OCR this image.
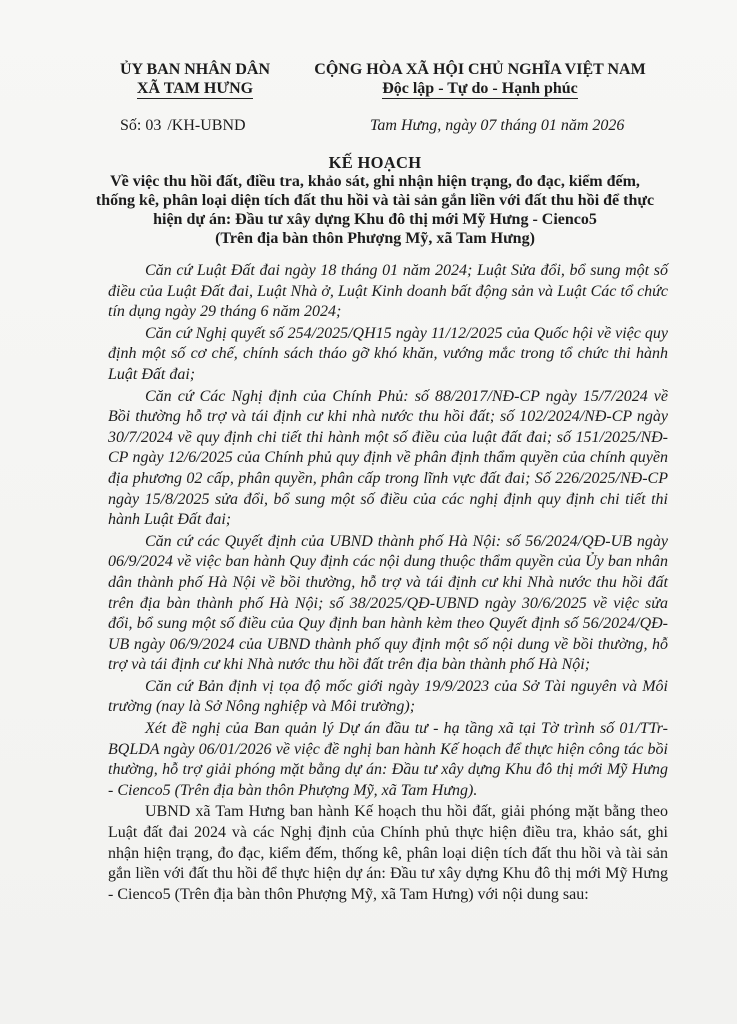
ỦY BAN NHÂN DÂN
XÃ TAM HƯNG
CỘNG HÒA XÃ HỘI CHỦ NGHĨA VIỆT NAM
Độc lập - Tự do - Hạnh phúc
Số: 03 /KH-UBND	Tam Hưng, ngày 07 tháng 01 năm 2026
KẾ HOẠCH
Về việc thu hồi đất, điều tra, khảo sát, ghi nhận hiện trạng, đo đạc, kiểm đếm, thống kê, phân loại diện tích đất thu hồi và tài sản gắn liền với đất thu hồi để thực hiện dự án: Đầu tư xây dựng Khu đô thị mới Mỹ Hưng - Cienco5
(Trên địa bàn thôn Phượng Mỹ, xã Tam Hưng)

Căn cứ Luật Đất đai ngày 18 tháng 01 năm 2024; Luật Sửa đổi, bổ sung một số điều của Luật Đất đai, Luật Nhà ở, Luật Kinh doanh bất động sản và Luật Các tổ chức tín dụng ngày 29 tháng 6 năm 2024;

Căn cứ Nghị quyết số 254/2025/QH15 ngày 11/12/2025 của Quốc hội về việc quy định một số cơ chế, chính sách tháo gỡ khó khăn, vướng mắc trong tổ chức thi hành Luật Đất đai;

Căn cứ Các Nghị định của Chính Phủ: số 88/2017/NĐ-CP ngày 15/7/2024 về Bồi thường hỗ trợ và tái định cư khi nhà nước thu hồi đất; số 102/2024/NĐ-CP ngày 30/7/2024 về quy định chi tiết thi hành một số điều của luật đất đai; số 151/2025/NĐ-CP ngày 12/6/2025 của Chính phủ quy định về phân định thẩm quyền của chính quyền địa phương 02 cấp, phân quyền, phân cấp trong lĩnh vực đất đai; Số 226/2025/NĐ-CP ngày 15/8/2025 sửa đổi, bổ sung một số điều của các nghị định quy định chi tiết thi hành Luật Đất đai;

Căn cứ các Quyết định của UBND thành phố Hà Nội: số 56/2024/QĐ-UB ngày 06/9/2024 về việc ban hành Quy định các nội dung thuộc thẩm quyền của Ủy ban nhân dân thành phố Hà Nội về bồi thường, hỗ trợ và tái định cư khi Nhà nước thu hồi đất trên địa bàn thành phố Hà Nội; số 38/2025/QĐ-UBND ngày 30/6/2025 về việc sửa đổi, bổ sung một số điều của Quy định ban hành kèm theo Quyết định số 56/2024/QĐ-UB ngày 06/9/2024 của UBND thành phố quy định một số nội dung về bồi thường, hỗ trợ và tái định cư khi Nhà nước thu hồi đất trên địa bàn thành phố Hà Nội;

Căn cứ Bản định vị tọa độ mốc giới ngày 19/9/2023 của Sở Tài nguyên và Môi trường (nay là Sở Nông nghiệp và Môi trường);

Xét đề nghị của Ban quản lý Dự án đầu tư - hạ tầng xã tại Tờ trình số 01/TTr-BQLDA ngày 06/01/2026 về việc đề nghị ban hành Kế hoạch để thực hiện công tác bồi thường, hỗ trợ giải phóng mặt bằng dự án: Đầu tư xây dựng Khu đô thị mới Mỹ Hưng - Cienco5 (Trên địa bàn thôn Phượng Mỹ, xã Tam Hưng).

UBND xã Tam Hưng ban hành Kế hoạch thu hồi đất, giải phóng mặt bằng theo Luật đất đai 2024 và các Nghị định của Chính phủ thực hiện điều tra, khảo sát, ghi nhận hiện trạng, đo đạc, kiểm đếm, thống kê, phân loại diện tích đất thu hồi và tài sản gắn liền với đất thu hồi để thực hiện dự án: Đầu tư xây dựng Khu đô thị mới Mỹ Hưng - Cienco5 (Trên địa bàn thôn Phượng Mỹ, xã Tam Hưng) với nội dung sau:
